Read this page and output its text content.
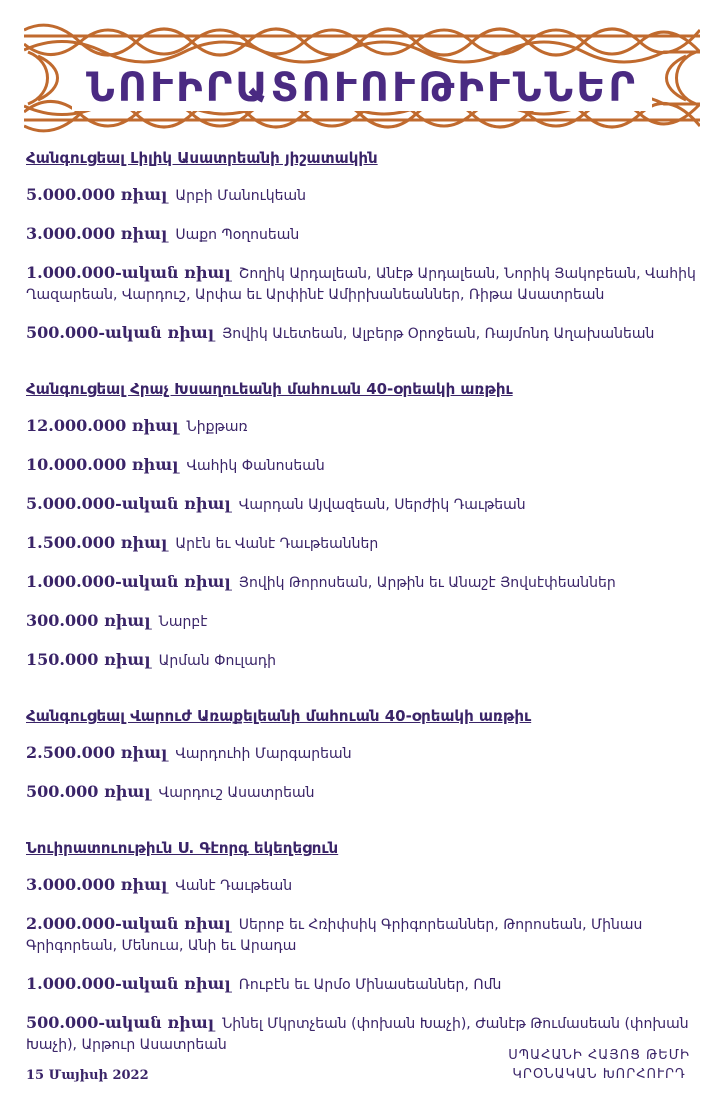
ՆՈՒԻՐԱՏՈՒՈՒԹԻՒՆՆԵՐ
Հանգուցեալ Լիլիկ Ասատրեանի յիշատակին
5.000.000 ռիալ Արբի Մանուկեան
3.000.000 ռիալ Սաքո Պօղոսեան
1.000.000-ական ռիալ Շողիկ Արդալեան, Անէթ Արդալեան, Նորիկ Յակոբեան, Վահիկ Ղազարեան, Վարդուշ, Արփա եւ Արփինէ Ամիրխանեաններ, Ռիթա Ասատրեան
500.000-ական ռիալ Յովիկ Աւետեան, Ալբերթ Օրոջեան, Ռայմոնդ Աղախանեան
Հանգուցեալ Հրաչ Խսաղուեանի մահուան 40-օրեակի առթիւ
12.000.000 ռիալ Նիքթառ
10.000.000 ռիալ Վահիկ Փանոսեան
5.000.000-ական ռիալ Վարդան Այվազեան, Սերժիկ Դաւթեան
1.500.000 ռիալ Արէն եւ Վանէ Դաւթեաններ
1.000.000-ական ռիալ Յովիկ Թորոսեան, Արթին եւ Անաշէ Յովսէփեաններ
300.000 ռիալ Նարբէ
150.000 ռիալ Արման Փուլադի
Հանգուցեալ Վարուժ Առաքելեանի մահուան 40-օրեակի առթիւ
2.500.000 ռիալ Վարդուհի Մարգարեան
500.000 ռիալ Վարդուշ Ասատրեան
Նուիրատուութիւն Ս. Գէորգ եկեղեցուն
3.000.000 ռիալ Վանէ Դաւթեան
2.000.000-ական ռիալ Սերոբ եւ Հռիփսիկ Գրիգորեաններ, Թորոսեան, Մինաս Գրիգորեան, Մենուա, Անի եւ Արադա
1.000.000-ական ռիալ Ռուբէն եւ Արմօ Մինասեաններ, Ոմն
500.000-ական ռիալ Նինել Մկրտչեան (փոխան Խաչի), Ժանէթ Թումասեան (փոխան Խաչի), Արթուր Ասատրեան
15 Մայիսի 2022
ՍՊԱՀԱՆԻ ՀԱՅՈՑ ԹԵՄԻ
ԿՐՕՆԱԿԱՆ ԽՈՐՀՈՒՐԴ
